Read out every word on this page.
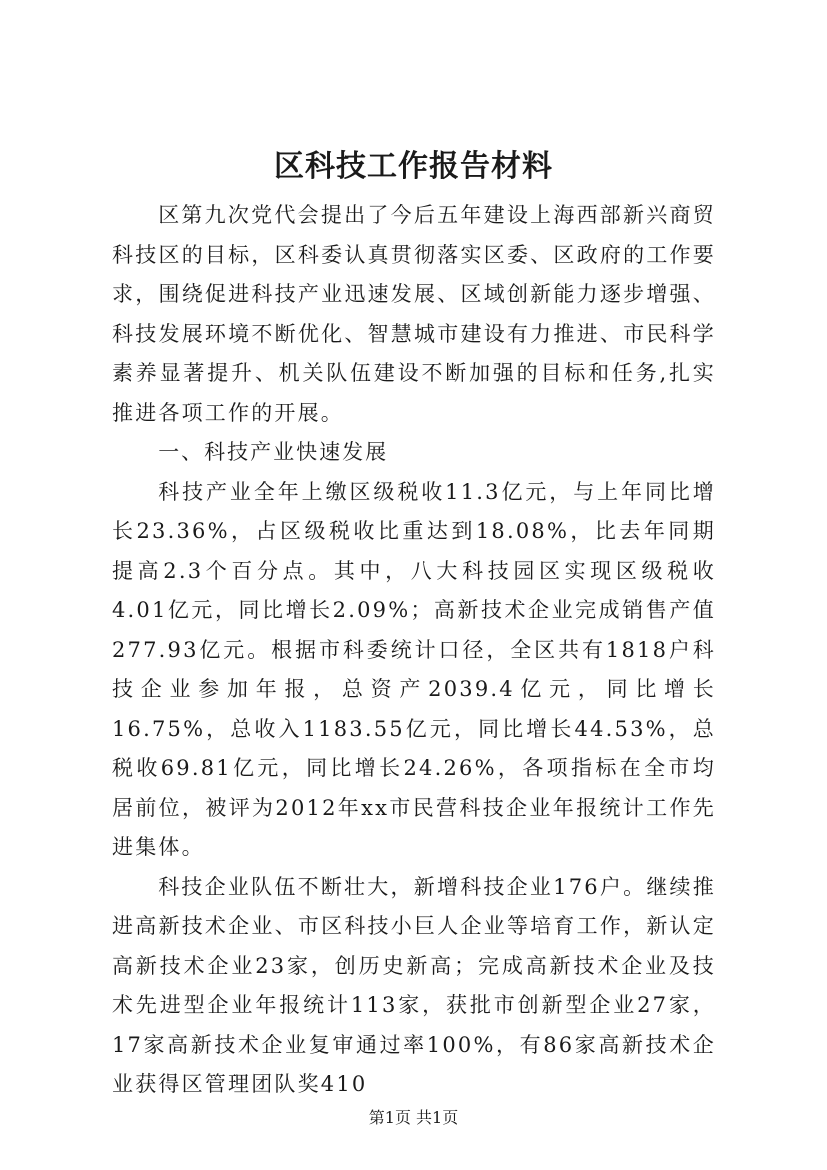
区科技工作报告材料

区第九次党代会提出了今后五年建设上海西部新兴商贸科技区的目标，区科委认真贯彻落实区委、区政府的工作要求，围绕促进科技产业迅速发展、区域创新能力逐步增强、科技发展环境不断优化、智慧城市建设有力推进、市民科学素养显著提升、机关队伍建设不断加强的目标和任务,扎实推进各项工作的开展。

一、科技产业快速发展

科技产业全年上缴区级税收11.3亿元，与上年同比增长23.36%，占区级税收比重达到18.08%，比去年同期提高2.3个百分点。其中，八大科技园区实现区级税收4.01亿元，同比增长2.09%；高新技术企业完成销售产值277.93亿元。根据市科委统计口径，全区共有1818户科技企业参加年报，总资产2039.4亿元，同比增长16.75%，总收入1183.55亿元，同比增长44.53%，总税收69.81亿元，同比增长24.26%，各项指标在全市均居前位，被评为2012年xx市民营科技企业年报统计工作先进集体。

科技企业队伍不断壮大，新增科技企业176户。继续推进高新技术企业、市区科技小巨人企业等培育工作，新认定高新技术企业23家，创历史新高；完成高新技术企业及技术先进型企业年报统计113家，获批市创新型企业27家，17家高新技术企业复审通过率100%，有86家高新技术企业获得区管理团队奖410

第1页 共1页
